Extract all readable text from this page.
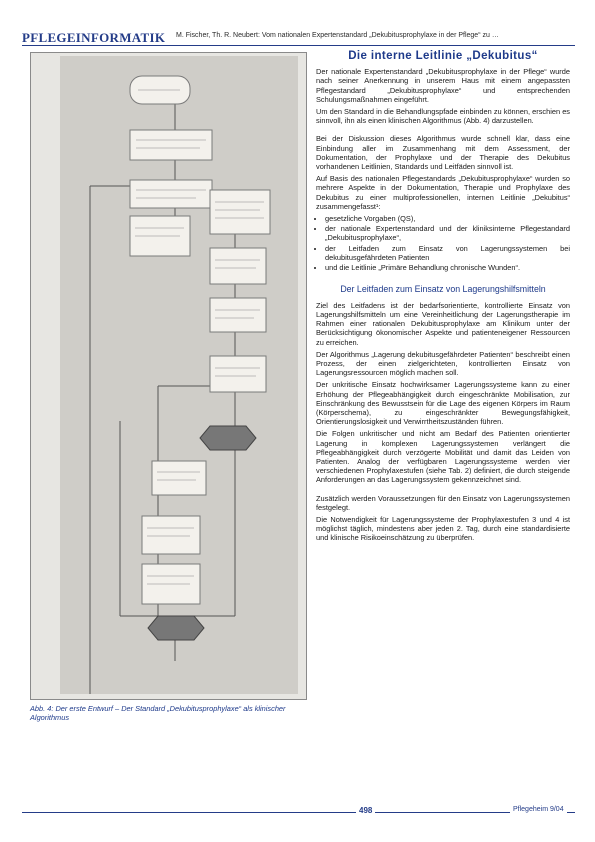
PFLEGEINFORMATIK M. Fischer, Th. R. Neubert: Vom nationalen Expertenstandard „Dekubitusprophylaxe in der Pflege“ zu …
Abb. 4: Der erste Entwurf – Der Standard „Dekubitusprophylaxe“ als klinischer Algorithmus
Die interne Leitlinie „Dekubitus“

Der nationale Expertenstandard „Dekubitusprophylaxe in der Pflege“ wurde nach seiner Anerkennung in unserem Haus mit einem angepassten Pflegestandard „Dekubitusprophylaxe“ und entsprechenden Schulungsmaßnahmen eingeführt.

Um den Standard in die Behandlungspfade einbinden zu können, erschien es sinnvoll, ihn als einen klinischen Algorithmus (Abb. 4) darzustellen.

Bei der Diskussion dieses Algorithmus wurde schnell klar, dass eine Einbindung aller im Zusammenhang mit dem Assessment, der Dokumentation, der Prophylaxe und der Therapie des Dekubitus vorhandenen Leitlinien, Standards und Leitfäden sinnvoll ist.

Auf Basis des nationalen Pflegestandards „Dekubitusprophylaxe“ wurden so mehrere Aspekte in der Dokumentation, Therapie und Prophylaxe des Dekubitus zu einer multiprofessionellen, internen Leitlinie „Dekubitus“ zusammengefasst¹:

• gesetzliche Vorgaben (QS),
• der nationale Expertenstandard und der kliniksinterne Pflegestandard „Dekubitusprophylaxe“,
• der Leitfaden zum Einsatz von Lagerungssystemen bei dekubitusgefährdeten Patienten
• und die Leitlinie „Primäre Behandlung chronische Wunden“.
Der Leitfaden zum Einsatz von Lagerungshilfsmitteln

Ziel des Leitfadens ist der bedarfsorientierte, kontrollierte Einsatz von Lagerungshilfsmitteln um eine Vereinheitlichung der Lagerungstherapie im Rahmen einer rationalen Dekubitusprophylaxe am Klinikum unter der Berücksichtigung ökonomischer Aspekte und patienteneigener Ressourcen zu erreichen.

Der Algorithmus „Lagerung dekubitusgefährdeter Patienten“ beschreibt einen Prozess, der einen zielgerichteten, kontrollierten Einsatz von Lagerungsressourcen möglich machen soll.

Der unkritische Einsatz hochwirksamer Lagerungssysteme kann zu einer Erhöhung der Pflegeabhängigkeit durch eingeschränkte Mobilisation, zur Einschränkung des Bewusstsein für die Lage des eigenen Körpers im Raum (Körperschema), zu eingeschränkter Bewegungsfähigkeit, Orientierungslosigkeit und Verwirrtheitszuständen führen.

Die Folgen unkritischer und nicht am Bedarf des Patienten orientierter Lagerung in komplexen Lagerungssystemen verlängert die Pflegeabhängigkeit durch verzögerte Mobilität und damit das Leiden von Patienten. Analog der verfügbaren Lagerungssysteme werden vier verschiedenen Prophylaxestufen (siehe Tab. 2) definiert, die durch steigende Anforderungen an das Lagerungssystem gekennzeichnet sind.

Zusätzlich werden Voraussetzungen für den Einsatz von Lagerungssystemen festgelegt.

Die Notwendigkeit für Lagerungssysteme der Prophylaxestufen 3 und 4 ist möglichst täglich, mindestens aber jeden 2. Tag, durch eine standardisierte und klinische Risikoeinschätzung zu überprüfen.

498	Pflegeheim 9/04
